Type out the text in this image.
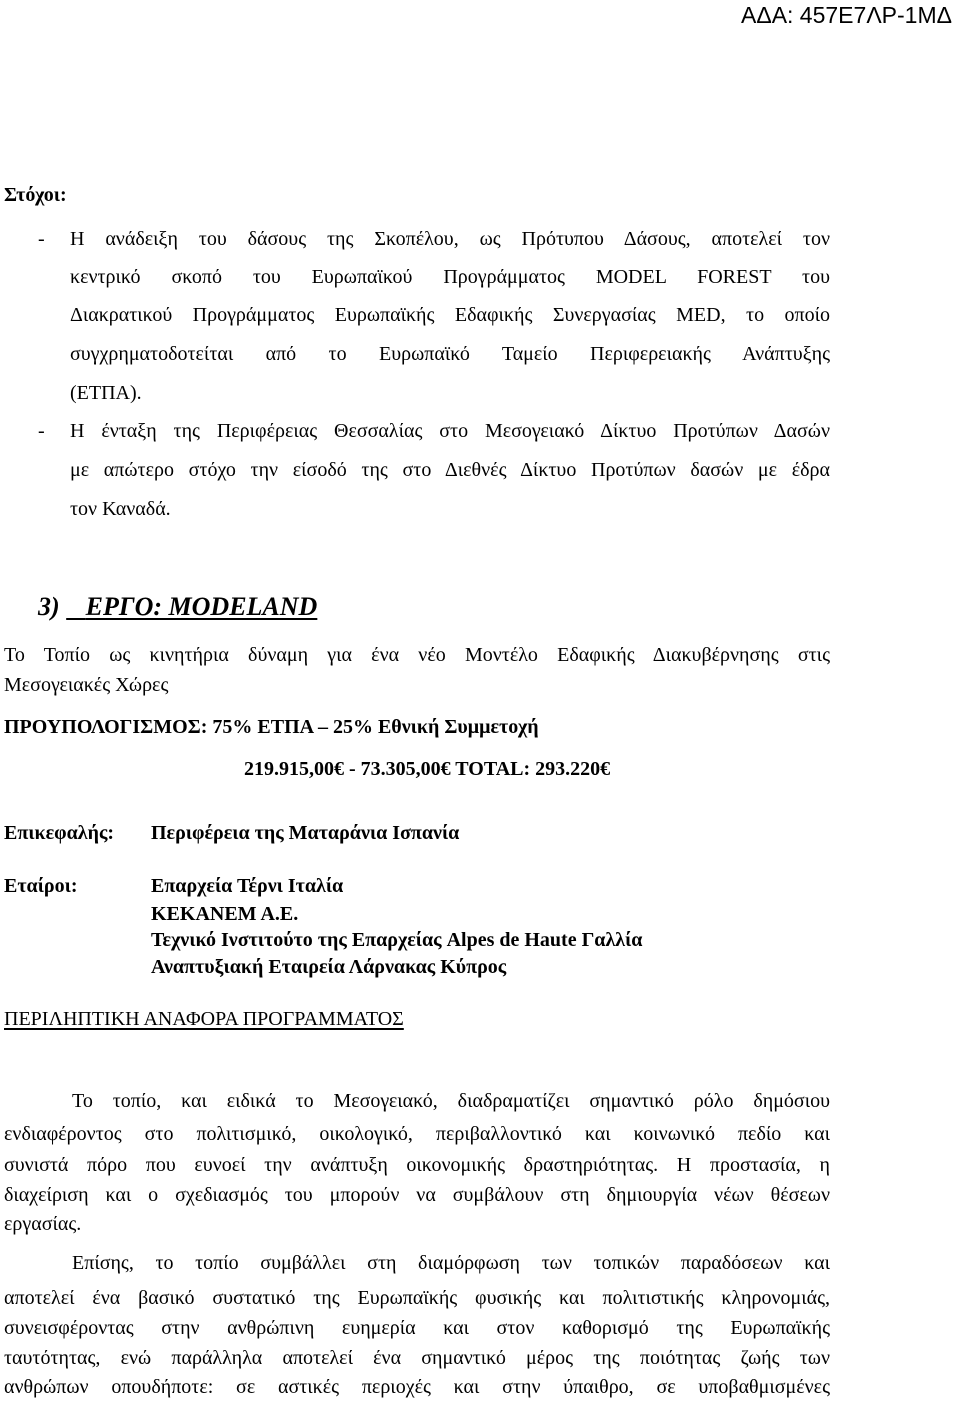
ΑΔΑ: 457Ε7ΛΡ-1ΜΔ
Στόχοι:
- Η ανάδειξη του δάσους της Σκοπέλου, ως Πρότυπου Δάσους, αποτελεί τον
κεντρικό σκοπό του Ευρωπαϊκού Προγράμματος MODEL FOREST του
Διακρατικού Προγράμματος Ευρωπαϊκής Εδαφικής Συνεργασίας MED, το οποίο
συγχρηματοδοτείται από το Ευρωπαϊκό Ταμείο Περιφερειακής Ανάπτυξης
(ΕΤΠΑ).
- Η ένταξη της Περιφέρειας Θεσσαλίας στο Μεσογειακό Δίκτυο Προτύπων Δασών
με απώτερο στόχο την είσοδό της στο Διεθνές Δίκτυο Προτύπων δασών με έδρα
τον Καναδά.
3) ΕΡΓΟ: MODELAND
Το Τοπίο ως κινητήρια δύναμη για ένα νέο Μοντέλο Εδαφικής Διακυβέρνησης στις
Μεσογειακές Χώρες
ΠΡΟΥΠΟΛΟΓΙΣΜΟΣ: 75% ΕΤΠΑ – 25% Εθνική Συμμετοχή
219.915,00€ - 73.305,00€ TOTAL: 293.220€
Επικεφαλής: Περιφέρεια της Ματαράνια Ισπανία
Εταίροι:	Επαρχεία Τέρνι Ιταλία
ΚΕΚΑΝΕΜ Α.Ε.
Τεχνικό Ινστιτούτο της Επαρχείας Alpes de Haute Γαλλία
Αναπτυξιακή Εταιρεία Λάρνακας Κύπρος
ΠΕΡΙΛΗΠΤΙΚΗ ΑΝΑΦΟΡΑ ΠΡΟΓΡΑΜΜΑΤΟΣ
Το τοπίο, και ειδικά το Μεσογειακό, διαδραματίζει σημαντικό ρόλο δημόσιου
ενδιαφέροντος στο πολιτισμικό, οικολογικό, περιβαλλοντικό και κοινωνικό πεδίο και
συνιστά πόρο που ευνοεί την ανάπτυξη οικονομικής δραστηριότητας. Η προστασία, η
διαχείριση και ο σχεδιασμός του μπορούν να συμβάλουν στη δημιουργία νέων θέσεων
εργασίας.
Επίσης, το τοπίο συμβάλλει στη διαμόρφωση των τοπικών παραδόσεων και
αποτελεί ένα βασικό συστατικό της Ευρωπαϊκής φυσικής και πολιτιστικής κληρονομιάς,
συνεισφέροντας στην ανθρώπινη ευημερία και στον καθορισμό της Ευρωπαϊκής
ταυτότητας, ενώ παράλληλα αποτελεί ένα σημαντικό μέρος της ποιότητας ζωής των
ανθρώπων οπουδήποτε: σε αστικές περιοχές και στην ύπαιθρο, σε υποβαθμισμένες
